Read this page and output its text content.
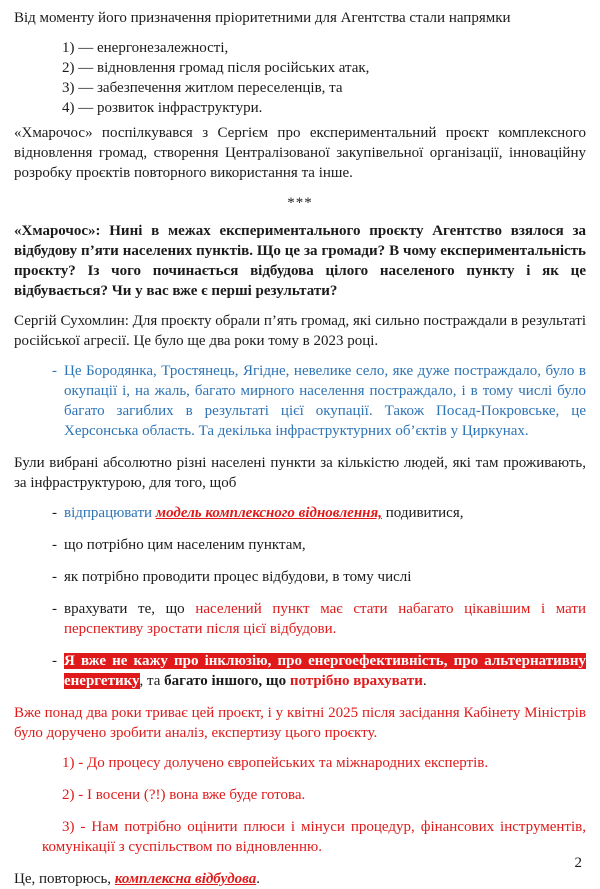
Від моменту його призначення пріоритетними для Агентства стали напрямки

1) — енергонезалежності,
2) — відновлення громад після російських атак,
3) — забезпечення житлом переселенців, та
4) — розвиток інфраструктури.

«Хмарочос» поспілкувався з Сергієм про експериментальний проєкт комплексного відновлення громад, створення Централізованої закупівельної організації, інноваційну розробку проєктів повторного використання та інше.

***

«Хмарочос»: Нині в межах експериментального проєкту Агентство взялося за відбудову п’яти населених пунктів. Що це за громади? В чому експериментальність проєкту? Із чого починається відбудова цілого населеного пункту і як це відбувається? Чи у вас вже є перші результати?

Сергій Сухомлин: Для проєкту обрали п’ять громад, які сильно постраждали в результаті російської агресії. Це було ще два роки тому в 2023 році.

- Це Бородянка, Тростянець, Ягідне, невелике село, яке дуже постраждало, було в окупації і, на жаль, багато мирного населення постраждало, і в тому числі було багато загиблих в результаті цієї окупації. Також Посад-Покровське, це Херсонська область. Та декілька інфраструктурних об’єктів у Циркунах.

Були вибрані абсолютно різні населені пункти за кількістю людей, які там проживають, за інфраструктурою, для того, щоб

- відпрацювати модель комплексного відновлення, подивитися,
- що потрібно цим населеним пунктам,
- як потрібно проводити процес відбудови, в тому числі
- врахувати те, що населений пункт має стати набагато цікавішим і мати перспективу зростати після цієї відбудови.
- Я вже не кажу про інклюзію, про енергоефективність, про альтернативну енергетику, та багато іншого, що потрібно врахувати.

Вже понад два роки триває цей проєкт, і у квітні 2025 після засідання Кабінету Міністрів було доручено зробити аналіз, експертизу цього проєкту.

1) - До процесу долучено європейських та міжнародних експертів.
2) - І восени (?!) вона вже буде готова.
3) - Нам потрібно оцінити плюси і мінуси процедур, фінансових інструментів, комунікації з суспільством по відновленню.

Це, повторюсь, комплексна відбудова.

2
